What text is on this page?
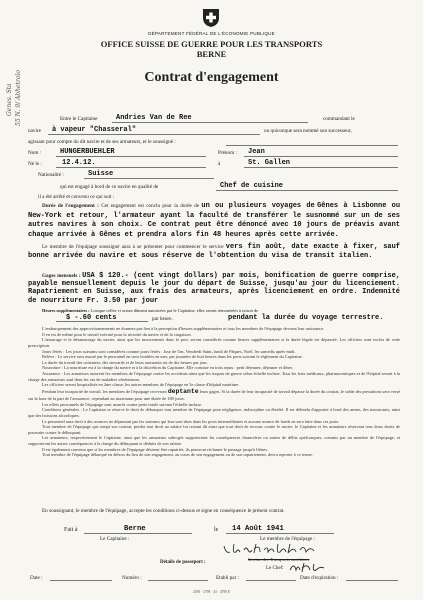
Genes. Sta 55 N. 9/ Abhetrolo
DÉPARTEMENT FÉDÉRAL DE L'ÉCONOMIE PUBLIQUE
OFFICE SUISSE DE GUERRE POUR LES TRANSPORTS
BERNE
Contrat d'engagement
Entre le Capitaine	Andries Van de Ree	commandant le
navire à vapeur "Chasseral"	ou quiconque sera nommé son successeur,
agissant pour compte du dit navire et de ses armateurs, et le soussigné :
Nom :	HUNGERBUEHLER	Prénom : Jean
Né le :	12.4.12.	à	St. Gallen
Nationalité :	Suisse
qui est engagé à bord de ce navire en qualité de	Chef de cuisine
il a été arrêté et convenu ce qui suit :
Durée de l'engagement : Cet engagement est conclu pour la durée de un ou plusieurs voyages de Gênes à Lisbonne ou New-York et retour, l'armateur ayant la faculté de transférer le susnommé sur un de ses autres navires à son choix. Ce contrat peut être dénoncé avec 10 jours de préavis avant chaque arrivée à Gênes et prendra alors fin 48 heures après cette arrivée.
Le membre de l'équipage soussigné aura à se présenter pour commencer le service vers fin août, date exacte à fixer, sauf bonne arrivée du navire et sous réserve de l'obtention du visa de transit italien.
Gages mensuels : USA $ 120.- (cent vingt dollars) par mois, bonification de guerre comprise, payable mensuellement depuis le jour du départ de Suisse, jusqu'au jour du licenciement. Rapatriement en Suisse, aux frais des armateurs, après licenciement en ordre. Indemnité de nourriture Fr. 3.50 par jour
Heures supplémentaires : Lorsque celles-ci seront dûment autorisées par le Capitaine, elles seront rémunérées à raison de
$ -.60 cents	par heure.	pendant la durée du voyage terrestre.
L'embarquement des approvisionnements ne donnera pas lieu à la perception d'heures supplémentaires et tous les membres de l'équipage devront leur assistance.
Il en est de même pour le travail exécuté pour la sécurité du navire et de la cargaison.
L'amarrage et le désamarrage du navire, ainsi que les mouvements dans le port, seront considérés comme heures supplémentaires si la durée légale est dépassée. Les officiers sont exclus de cette prescription.
Jours fériés : Les jours suivants sont considérés comme jours fériés : Jour de l'an, Vendredi Saint, lundi de Pâques, Noël, les samedis après-midi.
Relève : Le service sera assuré par le personnel en trois bordées en mer, par journées de huit heures dans les ports suivant le règlement du Capitaine.
La durée du travail des cuisiniers, des stewards et de leurs assistants est de dix heures par jour.
Nourriture : La nourriture est à la charge du navire et à la discrétion du Capitaine. Elle consiste en trois repas : petit déjeuner, déjeuner et dîner.
Assurance : Les armateurs assurent les membres de l'équipage contre les accidents ainsi que les risques de guerre selon échelle incluse. Tous les frais médicaux, pharmaceutiques et de l'hôpital seront à la charge des armateurs sauf dans les cas de maladies vénériennes.
Les officiers seront hospitalisés en 2me classe, les autres membres de l'équipage en 3e classe d'hôpital maritime.
Pendant leur incapacité de travail, les membres de l'équipage recevront deptante leurs gages. Si la durée de leur incapacité de travail dépasse la durée du contrat, le solde des prestations sera versé sur la base de la part de l'assurance, cependant au maximum pour une durée de 180 jours.
Les effets personnels de l'équipage sont assurés contre perte totale suivant l'échelle incluse.
Conditions générales : Le Capitaine se réserve le droit de débarquer tout membre de l'équipage pour négligence, indiscipline ou ébriété. Il est défendu d'apporter à bord des armes, des intoxicants, ainsi que des boissons alcooliques.
Le personnel aura droit à des avances ne dépassant pas les sommes qui leur sont dues dans les ports intermédiaires et aucune avance de fonds ne sera faite dans ces ports.
Tout membre de l'équipage qui rompt son contrat, perdra tout droit au salaire lui restant dû ainsi que tout droit de recours contre le navire, le Capitaine et les armateurs réservant tous leurs droits de poursuite contre le délinquant.
Les armateurs, respectivement le Capitaine, ainsi que les armateurs subrogés supporteront les conséquences financières ou autres de délits quelconques, commis par un membre de l'équipage, et supporteront les autres conséquences à la charge du délinquant et déduits de son salaire.
Il est également convenu que si les membres de l'équipage désirent être rapatriés, ils pourront réclamer le passage jusqu'à Gênes.
Tout membre de l'équipage débarqué en dehors du lieu de son engagement, au cours de son engagement ou de son rapatriement, devra reporter à ce terme.
En soussignant, le membre de l'équipage, accepte les conditions ci-dessus et signe en conséquence le présent contrat.
Fait à	Berne	le 14 Août 1941
Le Capitaine :	Le membre de l'équipage :
Section des Transports maritimes
Le Chef:
Détails de passeport :
Date :	Numéro :	Etabli par :	Date d'expiration :
2188 · 3798 · 43 · 4790 E
